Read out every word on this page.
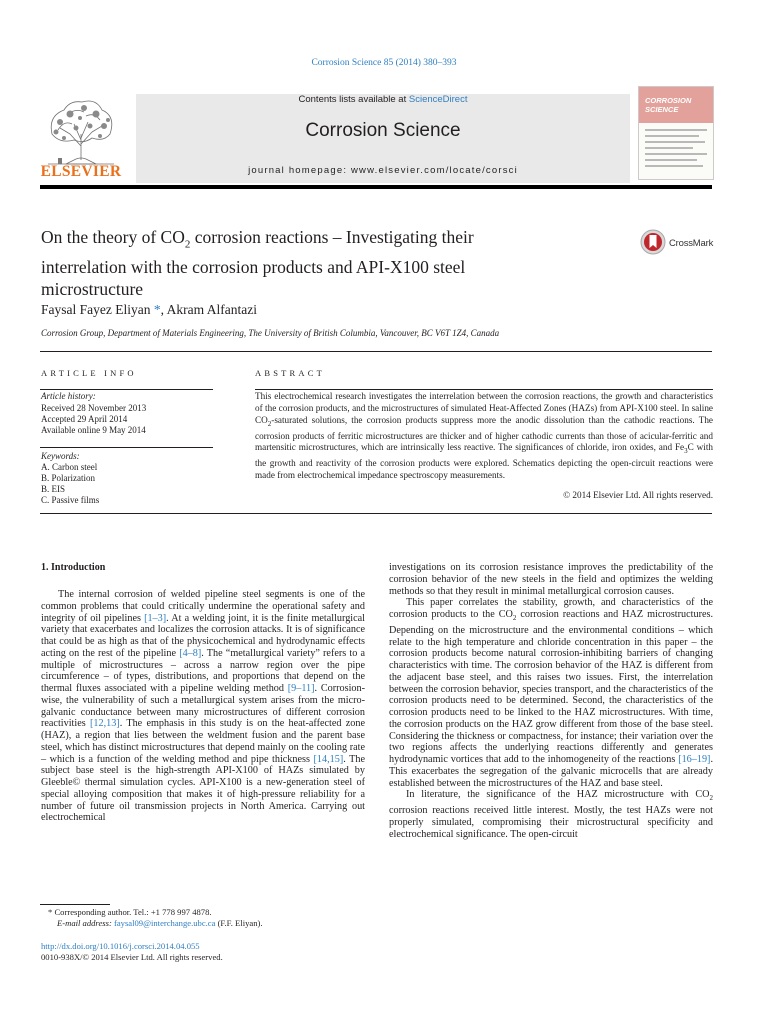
Corrosion Science 85 (2014) 380–393
ELSEVIER
Contents lists available at ScienceDirect
Corrosion Science
journal homepage: www.elsevier.com/locate/corsci
CORROSION SCIENCE
On the theory of $CO_2$ corrosion reactions – Investigating their
interrelation with the corrosion products and API-X100 steel
microstructure
CrossMark
Faysal Fayez Eliyan *, Akram Alfantazi
Corrosion Group, Department of Materials Engineering, The University of British Columbia, Vancouver, BC V6T 1Z4, Canada
ARTICLE INFO
Article history:
Received 28 November 2013
Accepted 29 April 2014
Available online 9 May 2014
Keywords:
A. Carbon steel
B. Polarization
B. EIS
C. Passive films
ABSTRACT
This electrochemical research investigates the interrelation between the corrosion reactions, the growth and characteristics of the corrosion products, and the microstructures of simulated Heat-Affected Zones (HAZs) from API-X100 steel. In saline $CO_2$-saturated solutions, the corrosion products suppress more the anodic dissolution than the cathodic reactions. The corrosion products of ferritic microstructures are thicker and of higher cathodic currents than those of acicular-ferritic and martensitic microstructures, which are intrinsically less reactive. The significances of chloride, iron oxides, and $Fe_3C$ with the growth and reactivity of the corrosion products were explored. Schematics depicting the open-circuit reactions were made from electrochemical impedance spectroscopy measurements.
© 2014 Elsevier Ltd. All rights reserved.
1. Introduction

The internal corrosion of welded pipeline steel segments is one of the common problems that could critically undermine the operational safety and integrity of oil pipelines [1–3]. At a welding joint, it is the finite metallurgical variety that exacerbates and localizes the corrosion attacks. It is of significance that could be as high as that of the physicochemical and hydrodynamic effects acting on the rest of the pipeline [4–8]. The “metallurgical variety” refers to a multiple of microstructures – across a narrow region over the pipe circumference – of types, distributions, and proportions that depend on the thermal fluxes associated with a pipeline welding method [9–11]. Corrosion-wise, the vulnerability of such a metallurgical system arises from the micro-galvanic conductance between many microstructures of different corrosion reactivities [12,13]. The emphasis in this study is on the heat-affected zone (HAZ), a region that lies between the weldment fusion and the parent base steel, which has distinct microstructures that depend mainly on the cooling rate – which is a function of the welding method and pipe thickness [14,15]. The subject base steel is the high-strength API-X100 of HAZs simulated by Gleeble© thermal simulation cycles. API-X100 is a new-generation steel of special alloying composition that makes it of high-pressure reliability for a number of future oil transmission projects in North America. Carrying out electrochemical

investigations on its corrosion resistance improves the predictability of the corrosion behavior of the new steels in the field and optimizes the welding methods so that they result in minimal metallurgical corrosion causes.

This paper correlates the stability, growth, and characteristics of the corrosion products to the $CO_2$ corrosion reactions and HAZ microstructures. Depending on the microstructure and the environmental conditions – which relate to the high temperature and chloride concentration in this paper – the corrosion products become natural corrosion-inhibiting barriers of changing characteristics with time. The corrosion behavior of the HAZ is different from the adjacent base steel, and this raises two issues. First, the interrelation between the corrosion behavior, species transport, and the characteristics of the corrosion products need to be determined. Second, the characteristics of the corrosion products need to be linked to the HAZ microstructures. With time, the corrosion products on the HAZ grow different from those of the base steel. Considering the thickness or compactness, for instance; their variation over the two regions affects the underlying reactions differently and generates hydrodynamic vortices that add to the inhomogeneity of the reactions [16–19]. This exacerbates the segregation of the galvanic microcells that are already established between the microstructures of the HAZ and base steel.

In literature, the significance of the HAZ microstructure with $CO_2$ corrosion reactions received little interest. Mostly, the test HAZs were not properly simulated, compromising their microstructural specificity and electrochemical significance. The open-circuit

* Corresponding author. Tel.: +1 778 997 4878.
E-mail address: faysal09@interchange.ubc.ca (F.F. Eliyan).
http://dx.doi.org/10.1016/j.corsci.2014.04.055
0010-938X/© 2014 Elsevier Ltd. All rights reserved.
